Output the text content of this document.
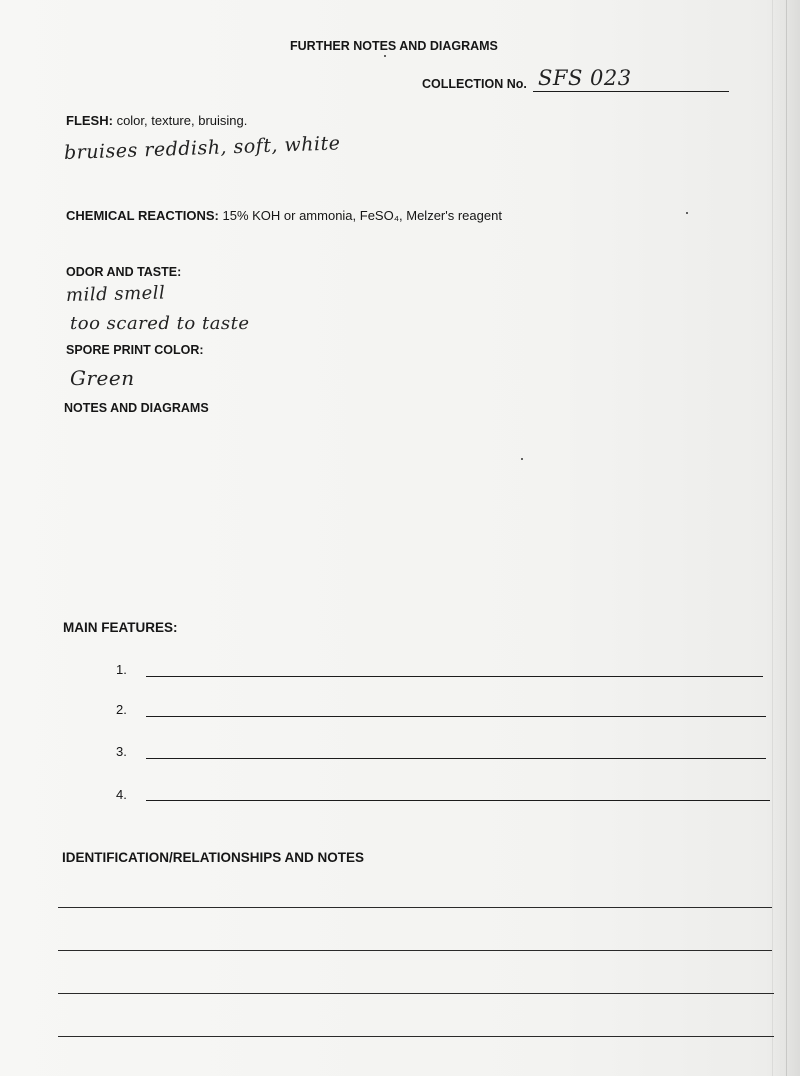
FURTHER NOTES AND DIAGRAMS
COLLECTION No. SFS 023
FLESH: color, texture, bruising.
bruises reddish, soft, white
CHEMICAL REACTIONS: 15% KOH or ammonia, FeSO₄, Melzer's reagent
ODOR AND TASTE:
mild smell
too scared to taste
SPORE PRINT COLOR:
Green
NOTES AND DIAGRAMS
MAIN FEATURES:
1.
2.
3.
4.
IDENTIFICATION/RELATIONSHIPS AND NOTES
